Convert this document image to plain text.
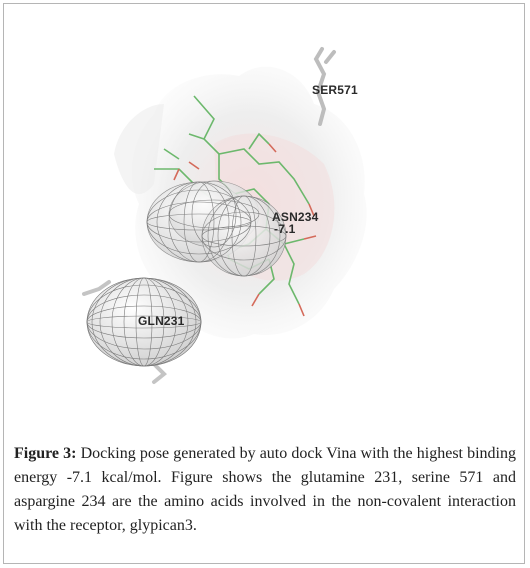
SER571
ASN234
-7.1
GLN231

Figure 3: Docking pose generated by auto dock Vina with the highest binding energy -7.1 kcal/mol. Figure shows the glutamine 231, serine 571 and aspargine 234 are the amino acids involved in the non-covalent interaction with the receptor, glypican3.
